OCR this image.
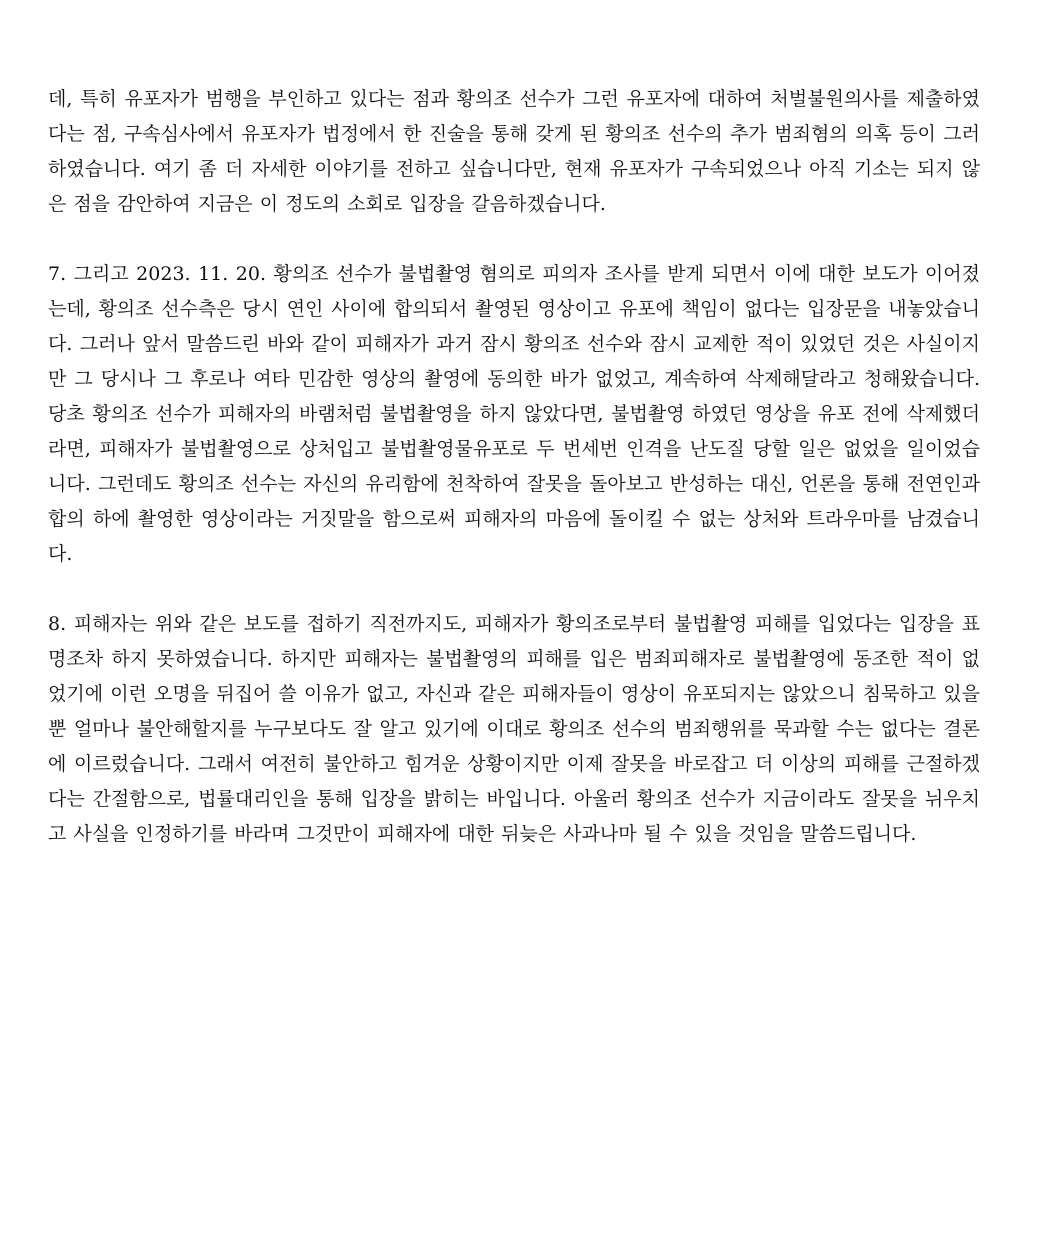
데, 특히 유포자가 범행을 부인하고 있다는 점과 황의조 선수가 그런 유포자에 대하여 처벌불원의사를 제출하였다는 점, 구속심사에서 유포자가 법정에서 한 진술을 통해 갖게 된 황의조 선수의 추가 범죄혐의 의혹 등이 그러하였습니다. 여기 좀 더 자세한 이야기를 전하고 싶습니다만, 현재 유포자가 구속되었으나 아직 기소는 되지 않은 점을 감안하여 지금은 이 정도의 소회로 입장을 갈음하겠습니다.

7. 그리고 2023. 11. 20. 황의조 선수가 불법촬영 혐의로 피의자 조사를 받게 되면서 이에 대한 보도가 이어졌는데, 황의조 선수측은 당시 연인 사이에 합의되서 촬영된 영상이고 유포에 책임이 없다는 입장문을 내놓았습니다. 그러나 앞서 말씀드린 바와 같이 피해자가 과거 잠시 황의조 선수와 잠시 교제한 적이 있었던 것은 사실이지만 그 당시나 그 후로나 여타 민감한 영상의 촬영에 동의한 바가 없었고, 계속하여 삭제해달라고 청해왔습니다. 당초 황의조 선수가 피해자의 바램처럼 불법촬영을 하지 않았다면, 불법촬영 하였던 영상을 유포 전에 삭제했더라면, 피해자가 불법촬영으로 상처입고 불법촬영물유포로 두 번세번 인격을 난도질 당할 일은 없었을 일이었습니다. 그런데도 황의조 선수는 자신의 유리함에 천착하여 잘못을 돌아보고 반성하는 대신, 언론을 통해 전연인과 합의 하에 촬영한 영상이라는 거짓말을 함으로써 피해자의 마음에 돌이킬 수 없는 상처와 트라우마를 남겼습니다.

8. 피해자는 위와 같은 보도를 접하기 직전까지도, 피해자가 황의조로부터 불법촬영 피해를 입었다는 입장을 표명조차 하지 못하였습니다. 하지만 피해자는 불법촬영의 피해를 입은 범죄피해자로 불법촬영에 동조한 적이 없었기에 이런 오명을 뒤집어 쓸 이유가 없고, 자신과 같은 피해자들이 영상이 유포되지는 않았으니 침묵하고 있을 뿐 얼마나 불안해할지를 누구보다도 잘 알고 있기에 이대로 황의조 선수의 범죄행위를 묵과할 수는 없다는 결론에 이르렀습니다. 그래서 여전히 불안하고 힘겨운 상황이지만 이제 잘못을 바로잡고 더 이상의 피해를 근절하겠다는 간절함으로, 법률대리인을 통해 입장을 밝히는 바입니다. 아울러 황의조 선수가 지금이라도 잘못을 뉘우치고 사실을 인정하기를 바라며 그것만이 피해자에 대한 뒤늦은 사과나마 될 수 있을 것임을 말씀드립니다.
